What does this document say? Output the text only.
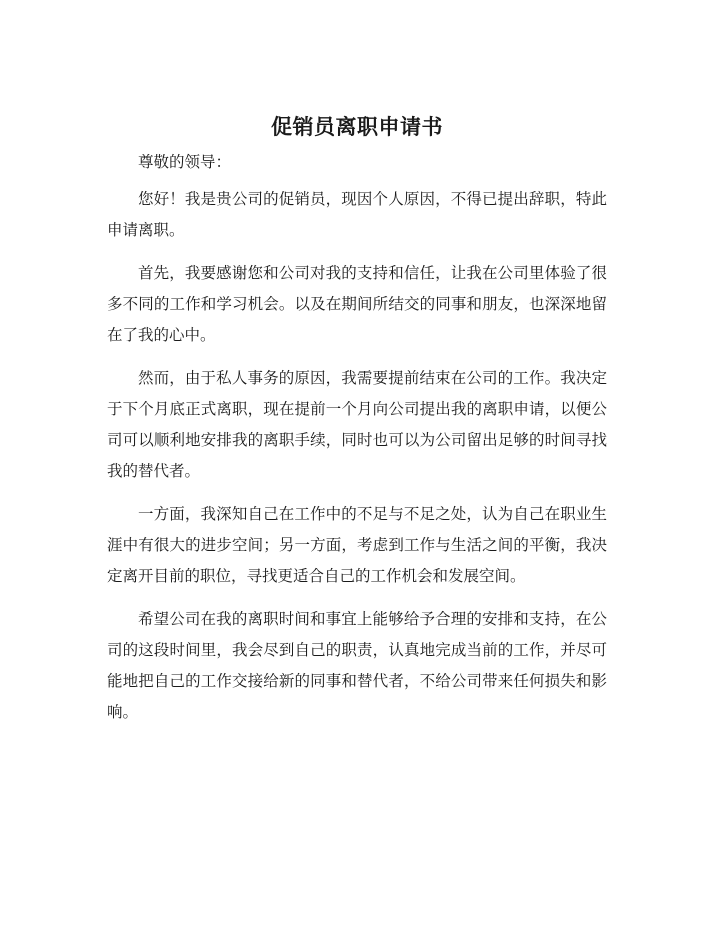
促销员离职申请书

尊敬的领导：

您好！我是贵公司的促销员，现因个人原因，不得已提出辞职，特此申请离职。

首先，我要感谢您和公司对我的支持和信任，让我在公司里体验了很多不同的工作和学习机会。以及在期间所结交的同事和朋友，也深深地留在了我的心中。

然而，由于私人事务的原因，我需要提前结束在公司的工作。我决定于下个月底正式离职，现在提前一个月向公司提出我的离职申请，以便公司可以顺利地安排我的离职手续，同时也可以为公司留出足够的时间寻找我的替代者。

一方面，我深知自己在工作中的不足与不足之处，认为自己在职业生涯中有很大的进步空间；另一方面，考虑到工作与生活之间的平衡，我决定离开目前的职位，寻找更适合自己的工作机会和发展空间。

希望公司在我的离职时间和事宜上能够给予合理的安排和支持，在公司的这段时间里，我会尽到自己的职责，认真地完成当前的工作，并尽可能地把自己的工作交接给新的同事和替代者，不给公司带来任何损失和影响。
